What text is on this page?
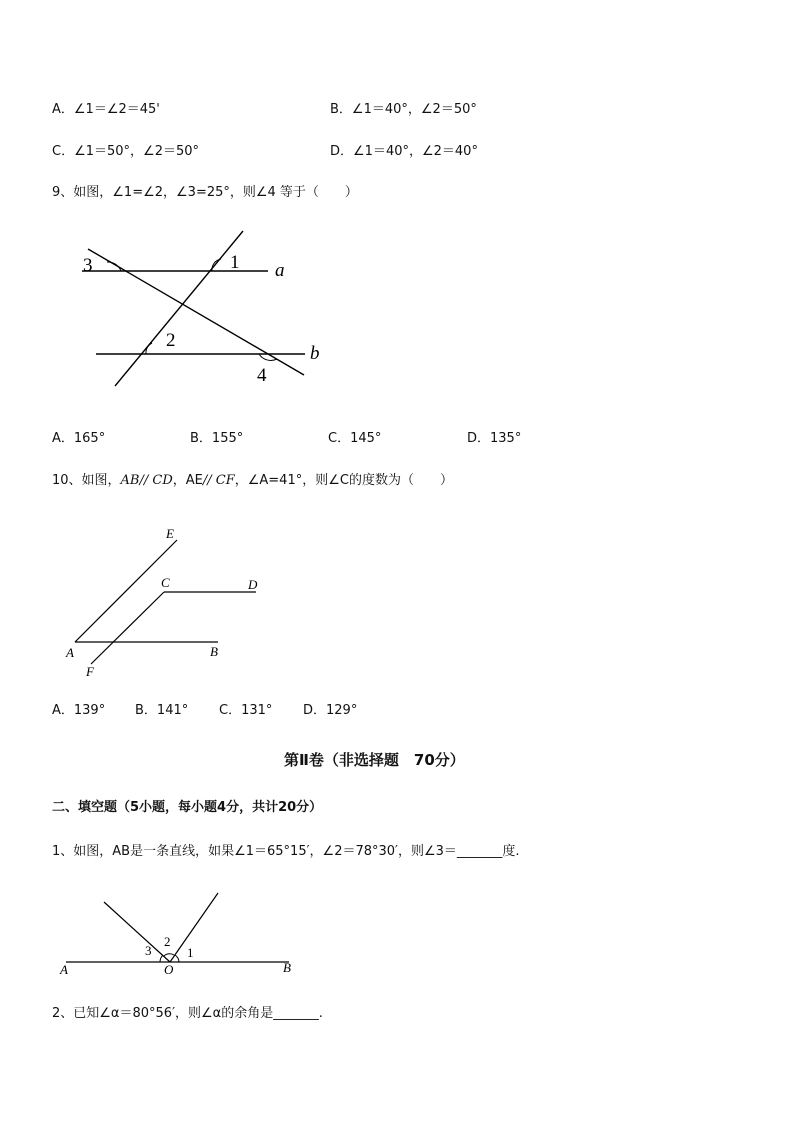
A．∠1＝∠2＝45'	B．∠1＝40°，∠2＝50°
C．∠1＝50°，∠2＝50°	D．∠1＝40°，∠2＝40°
9、如图，∠1=∠2，∠3=25°，则∠4 等于（　　）
3	1 a
2
b
4
A．165°	B．155°	C．145°	D．135°
10、如图，AB// CD，AE// CF，∠A=41°，则∠C的度数为（　　）
E
C	D
A	B
F
A．139° B．141° C．131° D．129°
第Ⅱ卷（非选择题　70分）
二、填空题（5小题，每小题4分，共计20分）
1、如图，AB是一条直线，如果∠1＝65°15′，∠2＝78°30′，则∠3＝_______度.
2
3	1
A	O	B
2、已知∠α＝80°56′，则∠α的余角是_______.
